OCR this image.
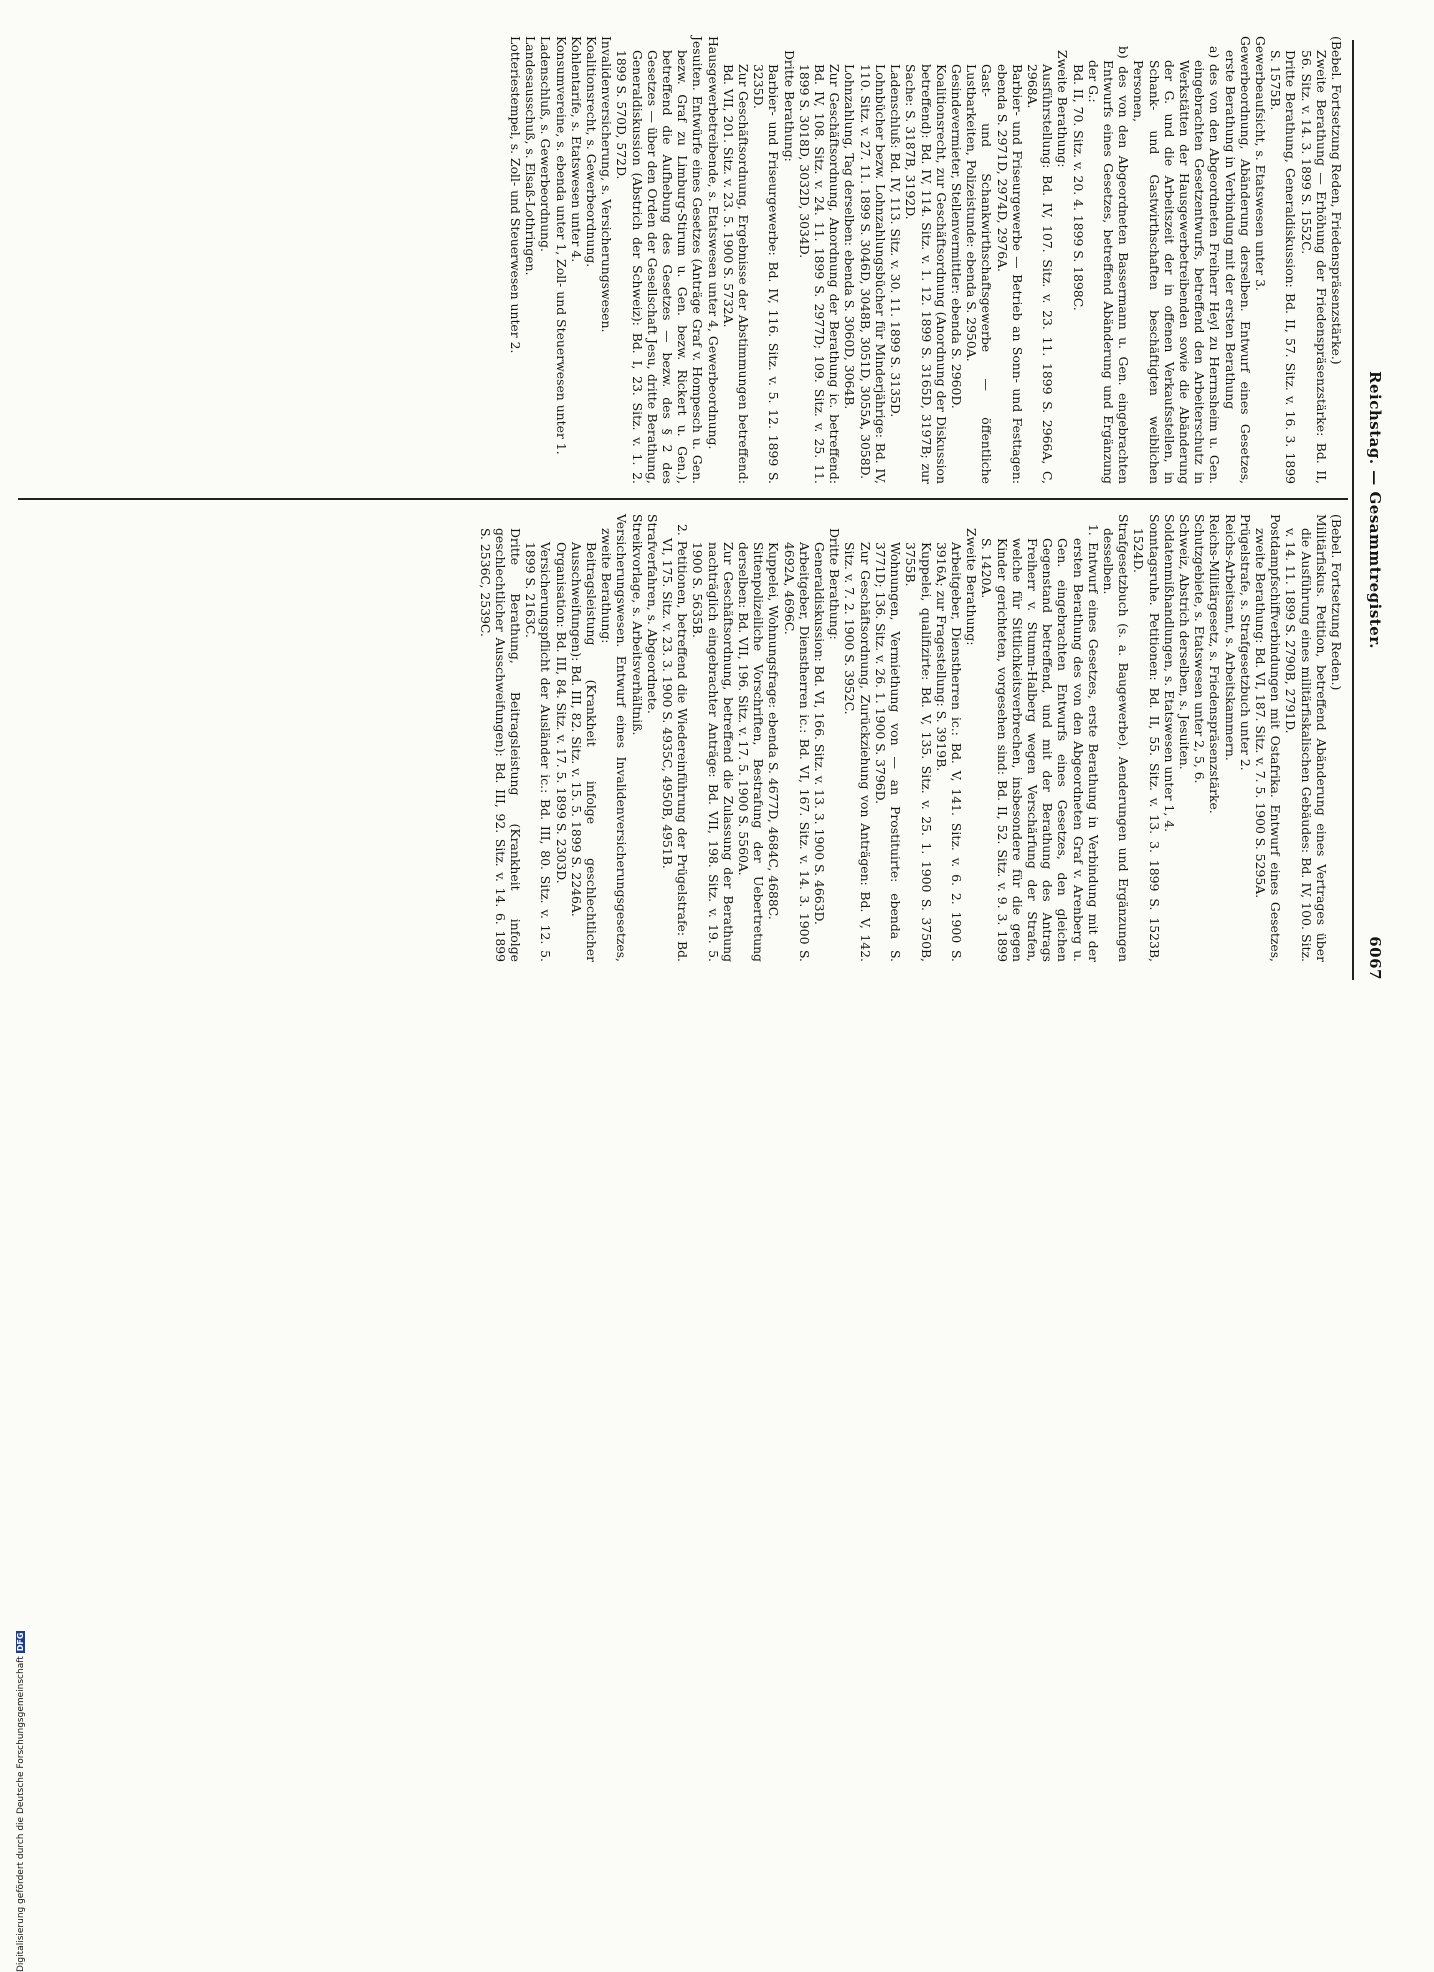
Reichstag. — Gesammtregister.
6067

(Bebel. Fortsetzung Reden, Friedenspräsenzstärke.)

Zweite Berathung — Erhöhung der Friedenspräsenzstärke: Bd. II, 56. Sitz. v. 14. 3. 1899 S. 1552C.

Dritte Berathung, Generaldiskussion: Bd. II, 57. Sitz. v. 16. 3. 1899 S. 1575B.

Gewerbeaufsicht, s. Etatswesen unter 3.

Gewerbeordnung, Abänderung derselben. Entwurf eines Gesetzes, erste Berathung in Verbindung mit der ersten Berathung

a) des von den Abgeordneten Freiherr Heyl zu Herrnsheim u. Gen. eingebrachten Gesetzentwurfs, betreffend den Arbeiterschutz in Werkstätten der Hausgewerbetreibenden sowie die Abänderung der G. und die Arbeitszeit der in offenen Verkaufsstellen, in Schank- und Gastwirthschaften beschäftigten weiblichen Personen,

b) des von den Abgeordneten Bassermann u. Gen. eingebrachten Entwurfs eines Gesetzes, betreffend Abänderung und Ergänzung der G.:

Bd. II, 70. Sitz. v. 20. 4. 1899 S. 1898C.

Zweite Berathung:

Ausführstellung: Bd. IV, 107. Sitz. v. 23. 11. 1899 S. 2966A, C, 2968A.

Barbier- und Friseurgewerbe — Betrieb an Sonn- und Festtagen: ebenda S. 2971D, 2974D, 2976A.

Gast- und Schankwirthschaftsgewerbe — öffentliche Lustbarkeiten, Polizeistunde: ebenda S. 2950A.

Gesindevermieter, Stellenvermittler: ebenda S. 2960D.

Koalitionsrecht, zur Geschäftsordnung (Anordnung der Diskussion betreffend): Bd. IV, 114. Sitz. v. 1. 12. 1899 S. 3165D, 3197B; zur Sache: S. 3187B, 3192D.

Ladenschluß: Bd. IV, 113. Sitz. v. 30. 11. 1899 S. 3135D.

Lohnbücher bezw. Lohnzahlungsbücher für Minderjährige: Bd. IV, 110. Sitz. v. 27. 11. 1899 S. 3046D, 3048B, 3051D, 3055A, 3058D.

Lohnzahlung, Tag derselben: ebenda S. 3060D, 3064B.

Zur Geschäftsordnung, Anordnung der Berathung ic. betreffend: Bd. IV, 108. Sitz. v. 24. 11. 1899 S. 2977D; 109. Sitz. v. 25. 11. 1899 S. 3018D, 3032D, 3034D.

Dritte Berathung:

Barbier- und Friseurgewerbe: Bd. IV, 116. Sitz. v. 5. 12. 1899 S. 3235D.

Zur Geschäftsordnung, Ergebnisse der Abstimmungen betreffend: Bd. VII, 201. Sitz. v. 23. 5. 1900 S. 5732A.

Hausgewerbetreibende, s. Etatswesen unter 4, Gewerbeordnung.

Jesuiten. Entwürfe eines Gesetzes (Anträge Graf v. Hompesch u. Gen. bezw. Graf zu Limburg-Stirum u. Gen. bezw. Rickert u. Gen.), betreffend die Aufhebung des Gesetzes — bezw. des § 2 des Gesetzes — über den Orden der Gesellschaft Jesu, dritte Berathung, Generaldiskussion (Abstrich der Schweiz): Bd. I, 23. Sitz. v. 1. 2. 1899 S. 570D, 572D.

Invalidenversicherung, s. Versicherungswesen.

Koalitionsrecht, s. Gewerbeordnung.

Kohlentarife, s. Etatswesen unter 4.

Konsumvereine, s. ebenda unter 1, Zoll- und Steuerwesen unter 1.

Ladenschluß, s. Gewerbeordnung.

Landesausschuß, s. Elsaß-Lothringen.

Lotteriestempel, s. Zoll- und Steuerwesen unter 2.

(Bebel. Fortsetzung Reden.)

Militärfiskus. Petition, betreffend Abänderung eines Vertrages über die Ausführung eines militärfiskalischen Gebäudes: Bd. IV, 100. Sitz. v. 14. 11. 1899 S. 2790B, 2791D.

Postdampfschiffverbindungen mit Ostafrika. Entwurf eines Gesetzes, zweite Berathung: Bd. VI, 187. Sitz. v. 7. 5. 1900 S. 5295A.

Prügelstrafe, s. Strafgesetzbuch unter 2.

Reichs-Arbeitsamt, s. Arbeitskammern.

Reichs-Militärgesetz, s. Friedenspräsenzstärke.

Schutzgebiete, s. Etatswesen unter 2, 5, 6.

Schweiz, Abstrich derselben, s. Jesuiten.

Soldatenmißhandlungen, s. Etatswesen unter 1, 4.

Sonntagsruhe. Petitionen: Bd. II, 55. Sitz. v. 13. 3. 1899 S. 1523B, 1524D.

Strafgesetzbuch (s. a. Baugewerbe). Aenderungen und Ergänzungen desselben.

1. Entwurf eines Gesetzes, erste Berathung in Verbindung mit der ersten Berathung des von den Abgeordneten Graf v. Arenberg u. Gen. eingebrachten Entwurfs eines Gesetzes, den gleichen Gegenstand betreffend, und mit der Berathung des Antrags Freiherr v. Stumm-Halberg wegen Verschärfung der Strafen, welche für Sittlichkeitsverbrechen, insbesondere für die gegen Kinder gerichteten, vorgesehen sind: Bd. II, 52. Sitz. v. 9. 3. 1899 S. 1420A.

Zweite Berathung:

Arbeitgeber, Dienstherren ic.: Bd. V, 141. Sitz. v. 6. 2. 1900 S. 3916A; zur Fragestellung: S. 3919B.

Kuppelei, qualifizirte: Bd. V, 135. Sitz. v. 25. 1. 1900 S. 3750B, 3755B.

Wohnungen, Vermiethung von — an Prostituirte: ebenda S. 3771D; 136. Sitz. v. 26. 1. 1900 S. 3796D.

Zur Geschäftsordnung, Zurückziehung von Anträgen: Bd. V, 142. Sitz. v. 7. 2. 1900 S. 3952C.

Dritte Berathung:

Generaldiskussion: Bd. VI, 166. Sitz. v. 13. 3. 1900 S. 4663D.

Arbeitgeber, Dienstherren ic.: Bd. VI, 167. Sitz. v. 14. 3. 1900 S. 4692A, 4696C.

Kuppelei, Wohnungsfrage: ebenda S. 4677D, 4684C, 4688C.

Sittenpolizeiliche Vorschriften, Bestrafung der Uebertretung derselben: Bd. VII, 196. Sitz. v. 17. 5. 1900 S. 5560A.

Zur Geschäftsordnung, betreffend die Zulassung der Berathung nachträglich eingebrachter Anträge: Bd. VII, 198. Sitz. v. 19. 5. 1900 S. 5635B.

2. Petitionen, betreffend die Wiedereinführung der Prügelstrafe: Bd. VI, 175. Sitz. v. 23. 3. 1900 S. 4935C, 4950B, 4951B.

Strafverfahren, s. Abgeordnete.

Streikvorlage, s. Arbeitsverhältniß.

Versicherungswesen. Entwurf eines Invalidenversicherungsgesetzes, zweite Berathung:

Beitragsleistung (Krankheit infolge geschlechtlicher Ausschweifungen): Bd. III, 82. Sitz. v. 15. 5. 1899 S. 2246A.

Organisation: Bd. III, 84. Sitz. v. 17. 5. 1899 S. 2303D.

Versicherungspflicht der Ausländer ic.: Bd. III, 80. Sitz. v. 12. 5. 1899 S. 2163C.

Dritte Berathung, Beitragsleistung (Krankheit infolge geschlechtlicher Ausschweifungen): Bd. III, 92. Sitz. v. 14. 6. 1899 S. 2536C, 2539C.

Digitalisierung gefördert durch die Deutsche ForschungsgemeinschaftDFG
